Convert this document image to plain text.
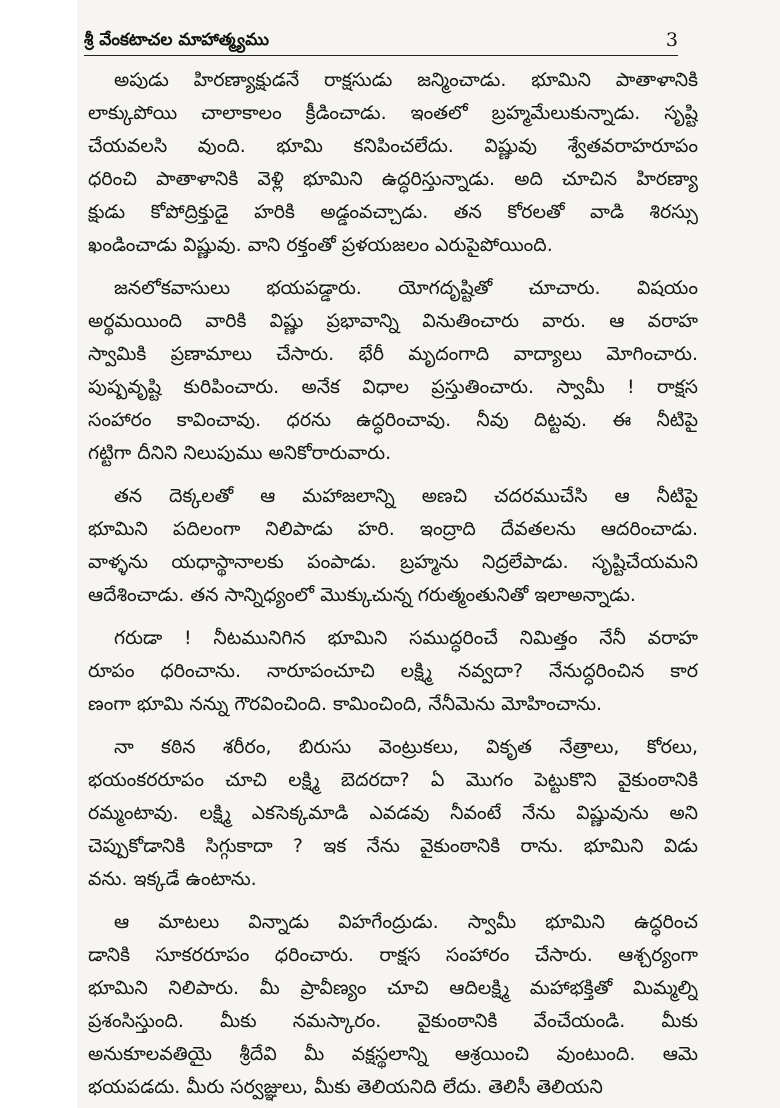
శ్రీ వేంకటాచల మాహాత్మ్యము	3
అపుడు హిరణ్యాక్షుడనే రాక్షసుడు జన్మించాడు. భూమిని పాతాళానికి
లాక్కుపోయి చాలాకాలం క్రీడించాడు. ఇంతలో బ్రహ్మమేలుకున్నాడు. సృష్టి
చేయవలసి వుంది. భూమి కనిపించలేదు. విష్ణువు శ్వేతవరాహరూపం
ధరించి పాతాళానికి వెళ్లి భూమిని ఉద్ధరిస్తున్నాడు. అది చూచిన హిరణ్యా
క్షుడు కోపోద్రిక్తుడై హరికి అడ్డంవచ్చాడు. తన కోరలతో వాడి శిరస్సు
ఖండించాడు విష్ణువు. వాని రక్తంతో ప్రళయజలం ఎరుపైపోయింది.
జనలోకవాసులు భయపడ్డారు. యోగదృష్టితో చూచారు. విషయం
అర్థమయింది వారికి విష్ణు ప్రభావాన్ని వినుతించారు వారు. ఆ వరాహ
స్వామికి ప్రణామాలు చేసారు. భేరీ మృదంగాది వాద్యాలు మోగించారు.
పుష్పవృష్టి కురిపించారు. అనేక విధాల ప్రస్తుతించారు. స్వామీ ! రాక్షస
సంహారం కావించావు. ధరను ఉద్ధరించావు. నీవు దిట్టవు. ఈ నీటిపై
గట్టిగా దీనిని నిలుపుము అనికోరారువారు.
తన దెక్కలతో ఆ మహాజలాన్ని అణచి చదరముచేసి ఆ నీటిపై
భూమిని పదిలంగా నిలిపాడు హరి. ఇంద్రాది దేవతలను ఆదరించాడు.
వాళ్ళను యధాస్థానాలకు పంపాడు. బ్రహ్మను నిద్రలేపాడు. సృష్టిచేయమని
ఆదేశించాడు. తన సాన్నిధ్యంలో మొక్కుచున్న గరుత్మంతునితో ఇలాఅన్నాడు.
గరుడా ! నీటమునిగిన భూమిని సముద్ధరించే నిమిత్తం నేనీ వరాహ
రూపం ధరించాను. నారూపంచూచి లక్ష్మి నవ్వదా? నేనుద్ధరించిన కార
ణంగా భూమి నన్ను గౌరవించింది. కామించింది, నేనీమెను మోహించాను.
నా కఠిన శరీరం, బిరుసు వెంట్రుకలు, వికృత నేత్రాలు, కోరలు,
భయంకరరూపం చూచి లక్ష్మి బెదరదా? ఏ మొగం పెట్టుకొని వైకుంఠానికి
రమ్మంటావు. లక్ష్మి ఎకసెక్కమాడి ఎవడవు నీవంటే నేను విష్ణువును అని
చెప్పుకోడానికి సిగ్గుకాదా ? ఇక నేను వైకుంఠానికి రాను. భూమిని విడు
వను. ఇక్కడే ఉంటాను.
ఆ మాటలు విన్నాడు విహగేంద్రుడు. స్వామీ భూమిని ఉద్ధరించ
డానికి సూకరరూపం ధరించారు. రాక్షస సంహారం చేసారు. ఆశ్చర్యంగా
భూమిని నిలిపారు. మీ ప్రావీణ్యం చూచి ఆదిలక్ష్మి మహాభక్తితో మిమ్మల్ని
ప్రశంసిస్తుంది. మీకు నమస్కారం. వైకుంఠానికి వేంచేయండి. మీకు
అనుకూలవతియై శ్రీదేవి మీ వక్షస్థలాన్ని ఆశ్రయించి వుంటుంది. ఆమె
భయపడదు. మీరు సర్వజ్ఞులు, మీకు తెలియనిది లేదు. తెలిసీ తెలియని
